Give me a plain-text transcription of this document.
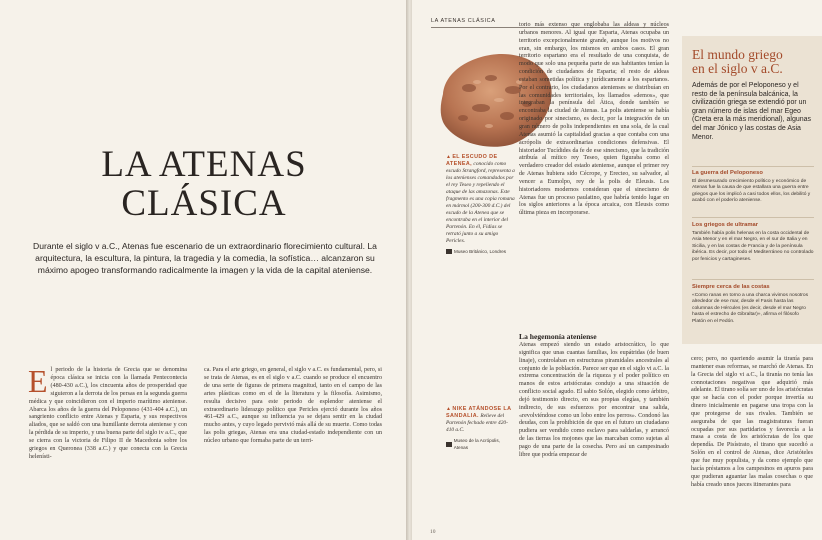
LA ATENAS
CLÁSICA

Durante el siglo v a.C., Atenas fue escenario de un extraordinario florecimiento cultural. La arquitectura, la escultura, la pintura, la tragedia y la comedia, la sofística… alcanzaron su máximo apogeo transformando radicalmente la imagen y la vida de la capital ateniense.

El periodo de la historia de Grecia que se denomina época clásica se inicia con la llamada Pentecontecia (480-430 a.C.), los cincuenta años de prosperidad que siguieron a la derrota de los persas en la segunda guerra médica y que coincidieron con el imperio marítimo ateniense. Abarca los años de la guerra del Peloponeso (431-404 a.C.), un sangriento conflicto entre Atenas y Esparta, y sus respectivos aliados, que se saldó con una humillante derrota ateniense y con la pérdida de su imperio, y una buena parte del siglo iv a.C., que se cierra con la victoria de Filipo II de Macedonia sobre los griegos en Queronea (338 a.C.) y que conecta con la Grecia helenísti-
ca. Para el arte griego, en general, el siglo v a.C. es fundamental, pero, si se trata de Atenas, es en el siglo v a.C. cuando se produce el encuentro de una serie de figuras de primera magnitud, tanto en el campo de las artes plásticas como en el de la literatura y la filosofía. Asimismo, resulta decisivo para este periodo de esplendor ateniense el extraordinario liderazgo político que Pericles ejerció durante los años 461-429 a.C., aunque su influencia ya se dejara sentir en la ciudad mucho antes, y cuyo legado pervivió más allá de su muerte. Como todas las polis griegas, Atenas era una ciudad-estado independiente con un núcleo urbano que formaba parte de un terri-
LA ATENAS CLÁSICA
▲ EL ESCUDO DE ATENEA, conocido como escudo Strangford, representa a los atenienses comandados por el rey Teseo y repeliendo el ataque de las amazonas. Este fragmento es una copia romana en mármol (200-300 d.C.) del escudo de la Atenea que se encontraba en el interior del Partenón. En él, Fidias se retrató junto a su amigo Pericles.
Museo Británico, Londres
torio más extenso que englobaba las aldeas y núcleos urbanos menores. Al igual que Esparta, Atenas ocupaba un territorio excepcionalmente grande, aunque los motivos no eran, sin embargo, los mismos en ambos casos. El gran territorio espartano era el resultado de una conquista, de modo que solo una pequeña parte de sus habitantes tenían la condición de ciudadanos de Esparta; el resto de aldeas estaban sometidas política y jurídicamente a los espartanos. Por el contrario, los ciudadanos atenienses se distribuían en las comunidades territoriales, los llamados «demos», que integraban la península del Ática, donde también se encontraba la ciudad de Atenas. La polis ateniense se había originado por sinecismo, es decir, por la integración de un gran número de polis independientes en una sola, de la cual Atenas asumió la capitalidad gracias a que contaba con una acrópolis de extraordinarias condiciones defensivas. El historiador Tucídides da fe de ese sinecismo, que la tradición atribuía al mítico rey Teseo, quien figuraba como el verdadero creador del estado ateniense, aunque el primer rey de Atenas hubiera sido Cécrope, y Erecteo, su salvador, al vencer a Eumolpo, rey de la polis de Eleusis. Los historiadores modernos consideran que el sinecismo de Atenas fue un proceso paulatino, que habría tenido lugar en los siglos anteriores a la época arcaica, con Eleusis como última pieza en incorporarse.
La hegemonía ateniense
Atenas empezó siendo un estado aristocrático, lo que significa que unas cuantas familias, los eupátridas (de buen linaje), controlaban en estructuras piramidales ancestrales al conjunto de la población. Parece ser que en el siglo vi a.C. la extrema concentración de la riqueza y el poder político en manos de estos aristócratas condujo a una situación de conflicto social agudo. El sabio Solón, elegido como árbitro, dejó testimonio directo, en sus propias elegías, y también indirecto, de sus esfuerzos por encontrar una salida, «revolviéndose como un lobo entre los perros». Condonó las deudas, con la prohibición de que en el futuro un ciudadano pudiera ser vendido como esclavo para saldarlas, y arrancó de las tierras los mojones que las marcaban como sujetas al pago de una parte de la cosecha. Pero así un campesinado libre que podría empezar de
▲ NIKE ATÁNDOSE LA SANDALIA. Relieve del Partenón fechado entre 420-410 a.C.
Museo de la Acrópolis, Atenas
cero; pero, no queriendo asumir la tiranía para mantener esas reformas, se marchó de Atenas. En la Grecia del siglo vi a.C., la tiranía no tenía las connotaciones negativas que adquirió más adelante. El tirano solía ser uno de los aristócratas que se hacía con el poder porque invertía su dinero inicialmente en pagarse una tropa con la que protegerse de sus rivales. También se aseguraba de que las magistraturas fueran ocupadas por sus partidarios y favorecía a la masa a costa de los aristócratas de los que dependía. De Pisístrato, el tirano que sucedió a Solón en el control de Atenas, dice Aristóteles que fue muy populista, y da como ejemplo que hacía préstamos a los campesinos en apuros para que pudieran aguantar las malas cosechas o que había creado unos jueces itinerantes para
El mundo griego
en el siglo v a.C.

Además de por el Peloponeso y el resto de la península balcánica, la civilización griega se extendió por un gran número de islas del mar Egeo (Creta era la más meridional), algunas del mar Jónico y las costas de Asia Menor.

La guerra del Peloponeso

El desmesurado crecimiento político y económico de Atenas fue la causa de que estallara una guerra entre griegos que los implicó a casi todos ellos, los debilitó y acabó con el poderío ateniense.

Los griegos de ultramar

También había polis helenas en la costa occidental de Asia Menor y en el mar Negro, en el sur de Italia y en Sicilia, y en las costas de Francia y de la península ibérica. Es decir, por todo el Mediterráneo no controlado por fenicios y cartagineses.

Siempre cerca de las costas

«Como ranas en torno a una charca vivimos nosotros alrededor de ese mar, desde el Fasis hasta las columnas de Hércules (es decir, desde el mar Negro hasta el estrecho de Gibraltar)», afirma el filósofo Platón en el Fedón.

10
